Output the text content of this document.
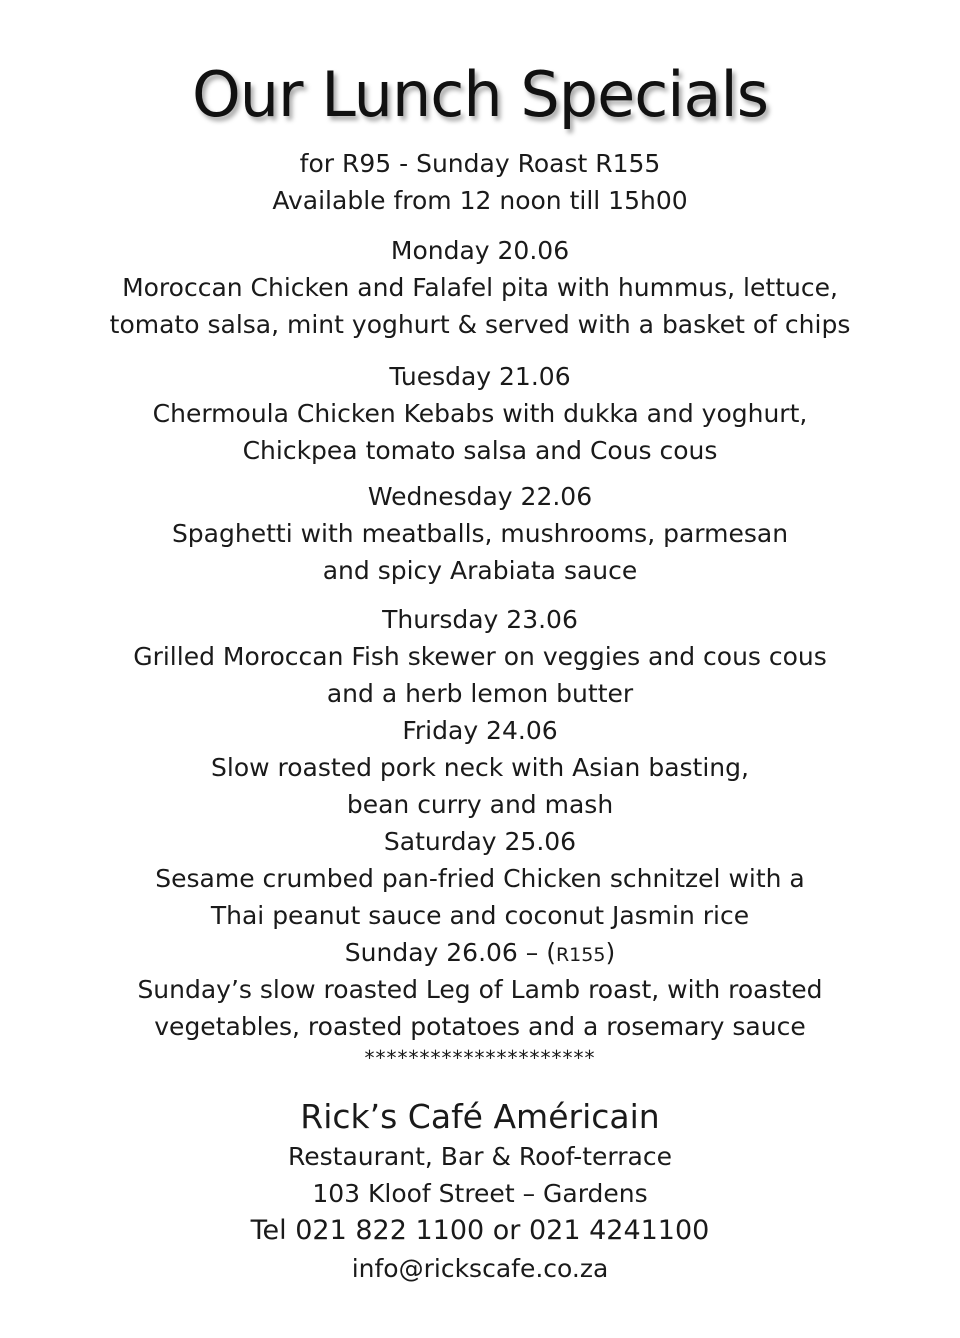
Our Lunch Specials
for R95 - Sunday Roast R155
Available from 12 noon till 15h00
Monday 20.06
Moroccan Chicken and Falafel pita with hummus, lettuce,
tomato salsa, mint yoghurt & served with a basket of chips
Tuesday 21.06
Chermoula Chicken Kebabs with dukka and yoghurt,
Chickpea tomato salsa and Cous cous
Wednesday 22.06
Spaghetti with meatballs, mushrooms, parmesan
and spicy Arabiata sauce
Thursday 23.06
Grilled Moroccan Fish skewer on veggies and cous cous
and a herb lemon butter
Friday 24.06
Slow roasted pork neck with Asian basting,
bean curry and mash
Saturday 25.06
Sesame crumbed pan-fried Chicken schnitzel with a
Thai peanut sauce and coconut Jasmin rice
Sunday 26.06 – (R155)
Sunday’s slow roasted Leg of Lamb roast, with roasted
vegetables, roasted potatoes and a rosemary sauce
*********************
Rick’s Café Américain
Restaurant, Bar & Roof-terrace
103 Kloof Street – Gardens
Tel 021 822 1100 or 021 4241100
info@rickscafe.co.za
